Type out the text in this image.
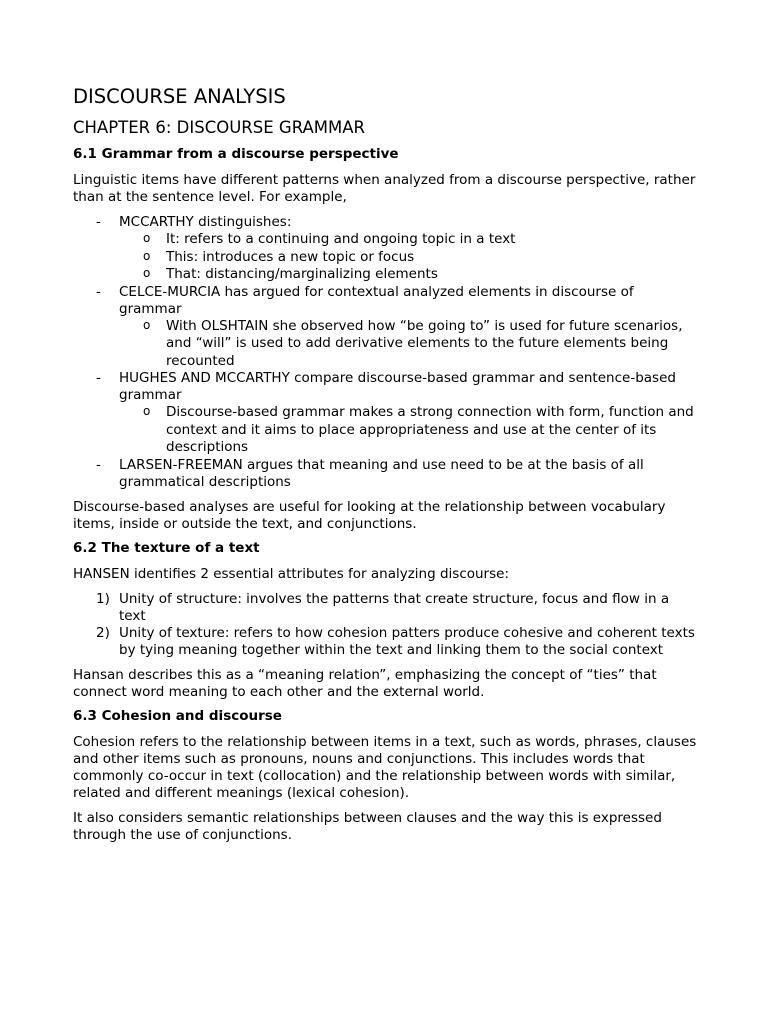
DISCOURSE ANALYSIS
CHAPTER 6: DISCOURSE GRAMMAR
6.1 Grammar from a discourse perspective

Linguistic items have different patterns when analyzed from a discourse perspective, rather than at the sentence level. For example,

- MCCARTHY distinguishes:
o It: refers to a continuing and ongoing topic in a text
o This: introduces a new topic or focus
o That: distancing/marginalizing elements
- CELCE-MURCIA has argued for contextual analyzed elements in discourse of grammar
o With OLSHTAIN she observed how “be going to” is used for future scenarios, and “will” is used to add derivative elements to the future elements being recounted
- HUGHES AND MCCARTHY compare discourse-based grammar and sentence-based grammar
o Discourse-based grammar makes a strong connection with form, function and context and it aims to place appropriateness and use at the center of its descriptions
- LARSEN-FREEMAN argues that meaning and use need to be at the basis of all grammatical descriptions

Discourse-based analyses are useful for looking at the relationship between vocabulary items, inside or outside the text, and conjunctions.

6.2 The texture of a text

HANSEN identifies 2 essential attributes for analyzing discourse:

1) Unity of structure: involves the patterns that create structure, focus and flow in a text
2) Unity of texture: refers to how cohesion patters produce cohesive and coherent texts by tying meaning together within the text and linking them to the social context

Hansan describes this as a “meaning relation”, emphasizing the concept of “ties” that connect word meaning to each other and the external world.

6.3 Cohesion and discourse

Cohesion refers to the relationship between items in a text, such as words, phrases, clauses and other items such as pronouns, nouns and conjunctions. This includes words that commonly co-occur in text (collocation) and the relationship between words with similar, related and different meanings (lexical cohesion).

It also considers semantic relationships between clauses and the way this is expressed through the use of conjunctions.
